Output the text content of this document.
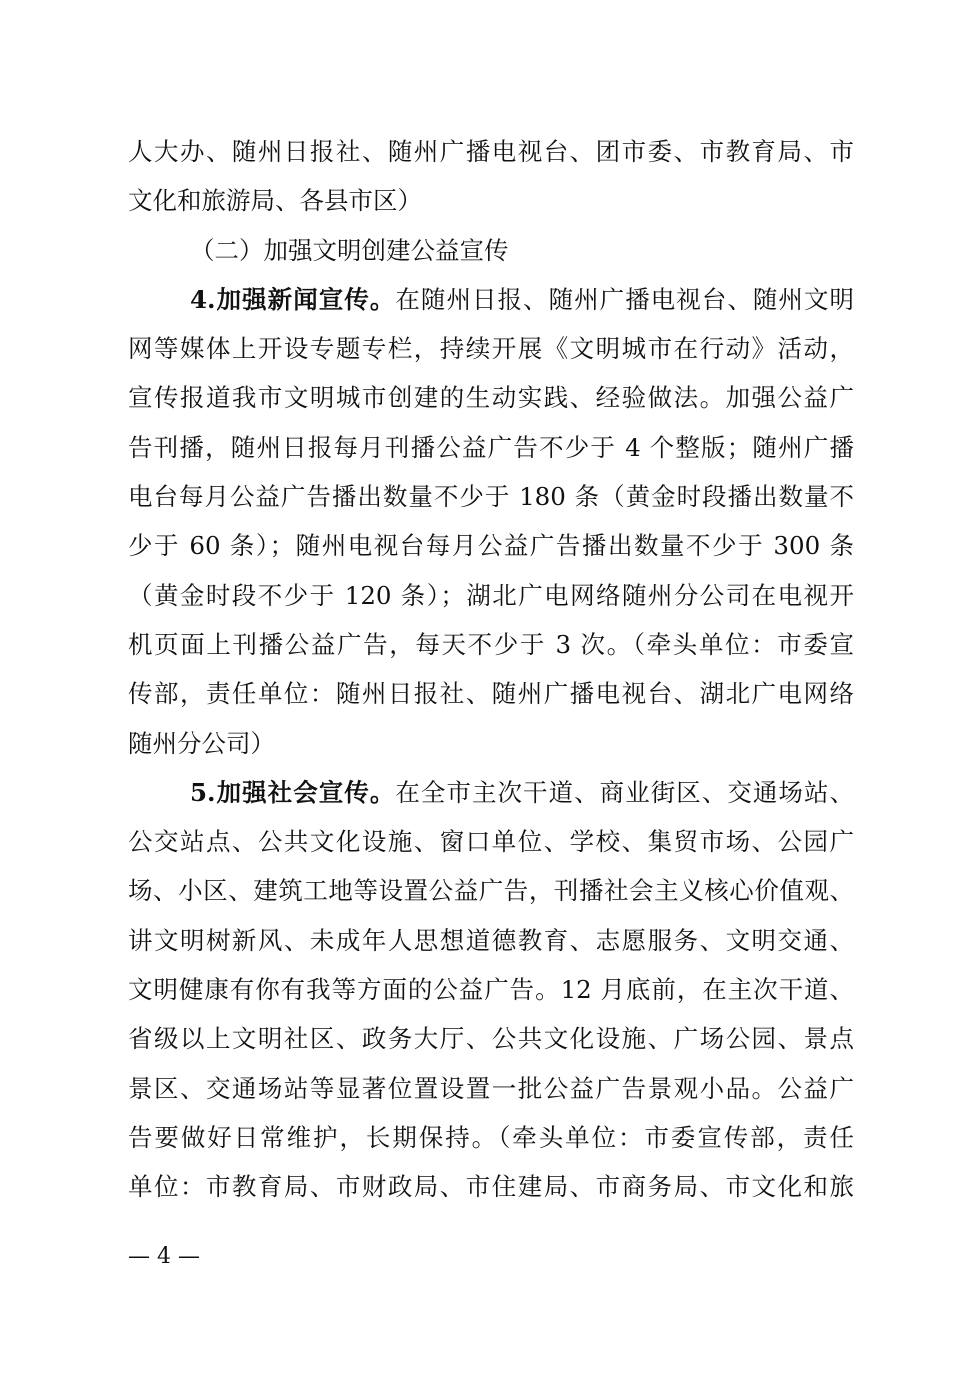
人大办、随州日报社、随州广播电视台、团市委、市教育局、市
文化和旅游局、各县市区）
（二）加强文明创建公益宣传
4.加强新闻宣传。在随州日报、随州广播电视台、随州文明
网等媒体上开设专题专栏，持续开展《文明城市在行动》活动，
宣传报道我市文明城市创建的生动实践、经验做法。加强公益广
告刊播，随州日报每月刊播公益广告不少于 4 个整版；随州广播
电台每月公益广告播出数量不少于 180 条（黄金时段播出数量不
少于 60 条）；随州电视台每月公益广告播出数量不少于 300 条
（黄金时段不少于 120 条）；湖北广电网络随州分公司在电视开
机页面上刊播公益广告，每天不少于 3 次。（牵头单位：市委宣
传部，责任单位：随州日报社、随州广播电视台、湖北广电网络
随州分公司）
5.加强社会宣传。在全市主次干道、商业街区、交通场站、
公交站点、公共文化设施、窗口单位、学校、集贸市场、公园广
场、小区、建筑工地等设置公益广告，刊播社会主义核心价值观、
讲文明树新风、未成年人思想道德教育、志愿服务、文明交通、
文明健康有你有我等方面的公益广告。12 月底前，在主次干道、
省级以上文明社区、政务大厅、公共文化设施、广场公园、景点
景区、交通场站等显著位置设置一批公益广告景观小品。公益广
告要做好日常维护，长期保持。（牵头单位：市委宣传部，责任
单位：市教育局、市财政局、市住建局、市商务局、市文化和旅
— 4 —
